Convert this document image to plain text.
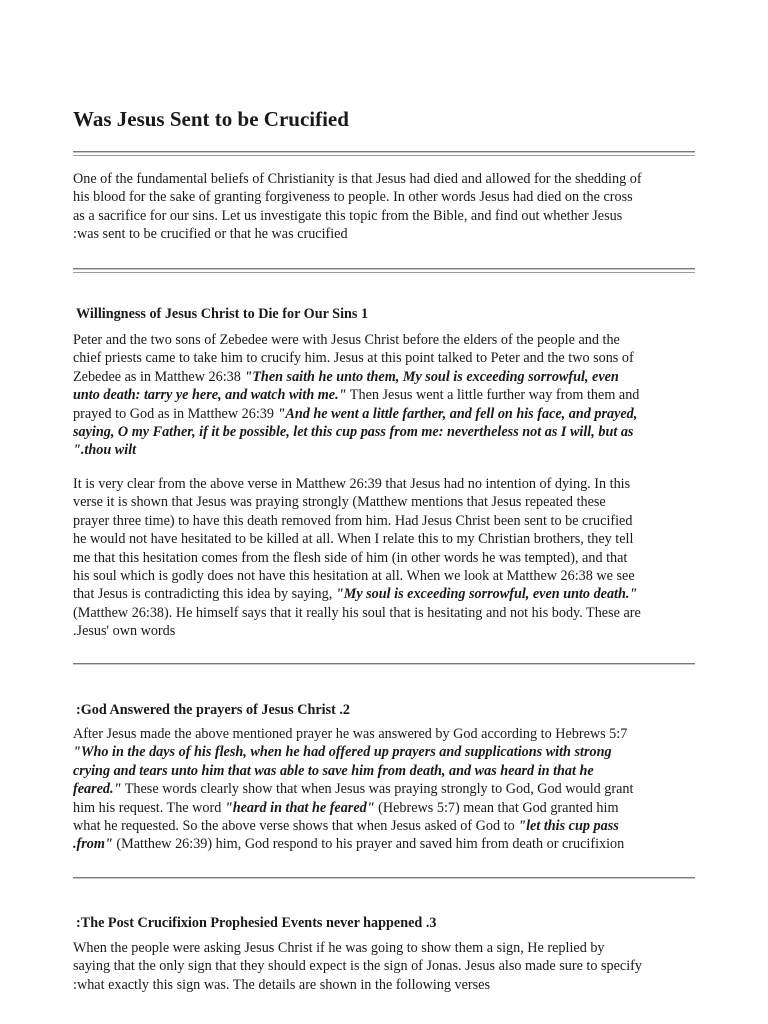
Was Jesus Sent to be Crucified

One of the fundamental beliefs of Christianity is that Jesus had died and allowed for the shedding of
his blood for the sake of granting forgiveness to people. In other words Jesus had died on the cross
as a sacrifice for our sins. Let us investigate this topic from the Bible, and find out whether Jesus
:was sent to be crucified or that he was crucified

Willingness of Jesus Christ to Die for Our Sins 1

Peter and the two sons of Zebedee were with Jesus Christ before the elders of the people and the
chief priests came to take him to crucify him. Jesus at this point talked to Peter and the two sons of
Zebedee as in Matthew 26:38 "Then saith he unto them, My soul is exceeding sorrowful, even
unto death: tarry ye here, and watch with me." Then Jesus went a little further way from them and
prayed to God as in Matthew 26:39 "And he went a little farther, and fell on his face, and prayed,
saying, O my Father, if it be possible, let this cup pass from me: nevertheless not as I will, but as
".thou wilt

It is very clear from the above verse in Matthew 26:39 that Jesus had no intention of dying. In this
verse it is shown that Jesus was praying strongly (Matthew mentions that Jesus repeated these
prayer three time) to have this death removed from him. Had Jesus Christ been sent to be crucified
he would not have hesitated to be killed at all. When I relate this to my Christian brothers, they tell
me that this hesitation comes from the flesh side of him (in other words he was tempted), and that
his soul which is godly does not have this hesitation at all. When we look at Matthew 26:38 we see
that Jesus is contradicting this idea by saying, "My soul is exceeding sorrowful, even unto death."
(Matthew 26:38). He himself says that it really his soul that is hesitating and not his body. These are
.Jesus' own words

:God Answered the prayers of Jesus Christ .2

After Jesus made the above mentioned prayer he was answered by God according to Hebrews 5:7
"Who in the days of his flesh, when he had offered up prayers and supplications with strong
crying and tears unto him that was able to save him from death, and was heard in that he
feared." These words clearly show that when Jesus was praying strongly to God, God would grant
him his request. The word "heard in that he feared" (Hebrews 5:7) mean that God granted him
what he requested. So the above verse shows that when Jesus asked of God to "let this cup pass
.from" (Matthew 26:39) him, God respond to his prayer and saved him from death or crucifixion

:The Post Crucifixion Prophesied Events never happened .3

When the people were asking Jesus Christ if he was going to show them a sign, He replied by
saying that the only sign that they should expect is the sign of Jonas. Jesus also made sure to specify
:what exactly this sign was. The details are shown in the following verses
